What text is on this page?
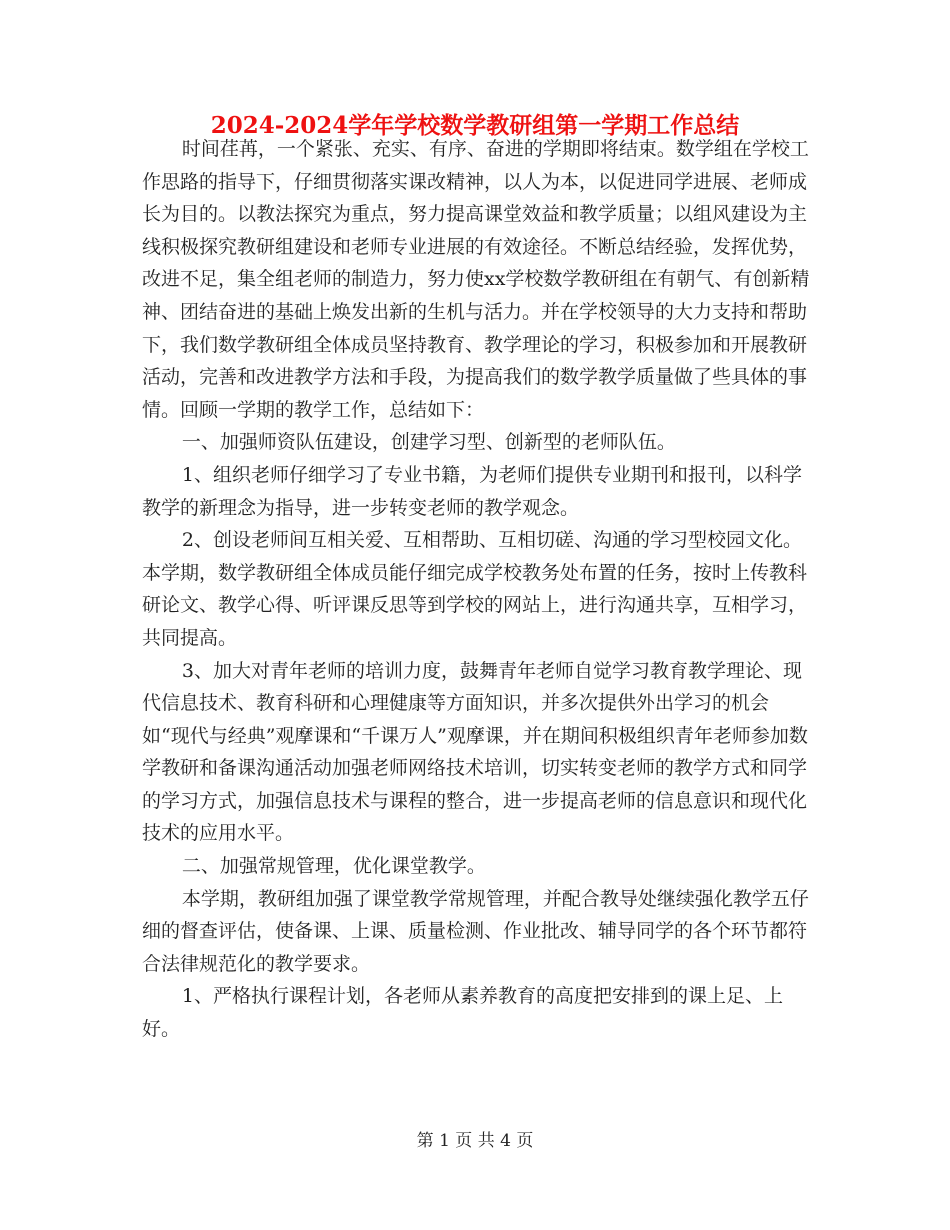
2024-2024学年学校数学教研组第一学期工作总结

时间荏苒，一个紧张、充实、有序、奋进的学期即将结束。数学组在学校工作思路的指导下，仔细贯彻落实课改精神，以人为本，以促进同学进展、老师成长为目的。以教法探究为重点，努力提高课堂效益和教学质量；以组风建设为主线积极探究教研组建设和老师专业进展的有效途径。不断总结经验，发挥优势，改进不足，集全组老师的制造力，努力使xx学校数学教研组在有朝气、有创新精神、团结奋进的基础上焕发出新的生机与活力。并在学校领导的大力支持和帮助下，我们数学教研组全体成员坚持教育、教学理论的学习，积极参加和开展教研活动，完善和改进教学方法和手段，为提高我们的数学教学质量做了些具体的事情。回顾一学期的教学工作，总结如下：

一、加强师资队伍建设，创建学习型、创新型的老师队伍。

1、组织老师仔细学习了专业书籍，为老师们提供专业期刊和报刊，以科学教学的新理念为指导，进一步转变老师的教学观念。

2、创设老师间互相关爱、互相帮助、互相切磋、沟通的学习型校园文化。本学期，数学教研组全体成员能仔细完成学校教务处布置的任务，按时上传教科研论文、教学心得、听评课反思等到学校的网站上，进行沟通共享，互相学习，共同提高。

3、加大对青年老师的培训力度，鼓舞青年老师自觉学习教育教学理论、现代信息技术、教育科研和心理健康等方面知识，并多次提供外出学习的机会如“现代与经典”观摩课和“千课万人”观摩课，并在期间积极组织青年老师参加数学教研和备课沟通活动加强老师网络技术培训，切实转变老师的教学方式和同学的学习方式，加强信息技术与课程的整合，进一步提高老师的信息意识和现代化技术的应用水平。

二、加强常规管理，优化课堂教学。

本学期，教研组加强了课堂教学常规管理，并配合教导处继续强化教学五仔细的督查评估，使备课、上课、质量检测、作业批改、辅导同学的各个环节都符合法律规范化的教学要求。

1、严格执行课程计划，各老师从素养教育的高度把安排到的课上足、上好。

第 1 页 共 4 页
